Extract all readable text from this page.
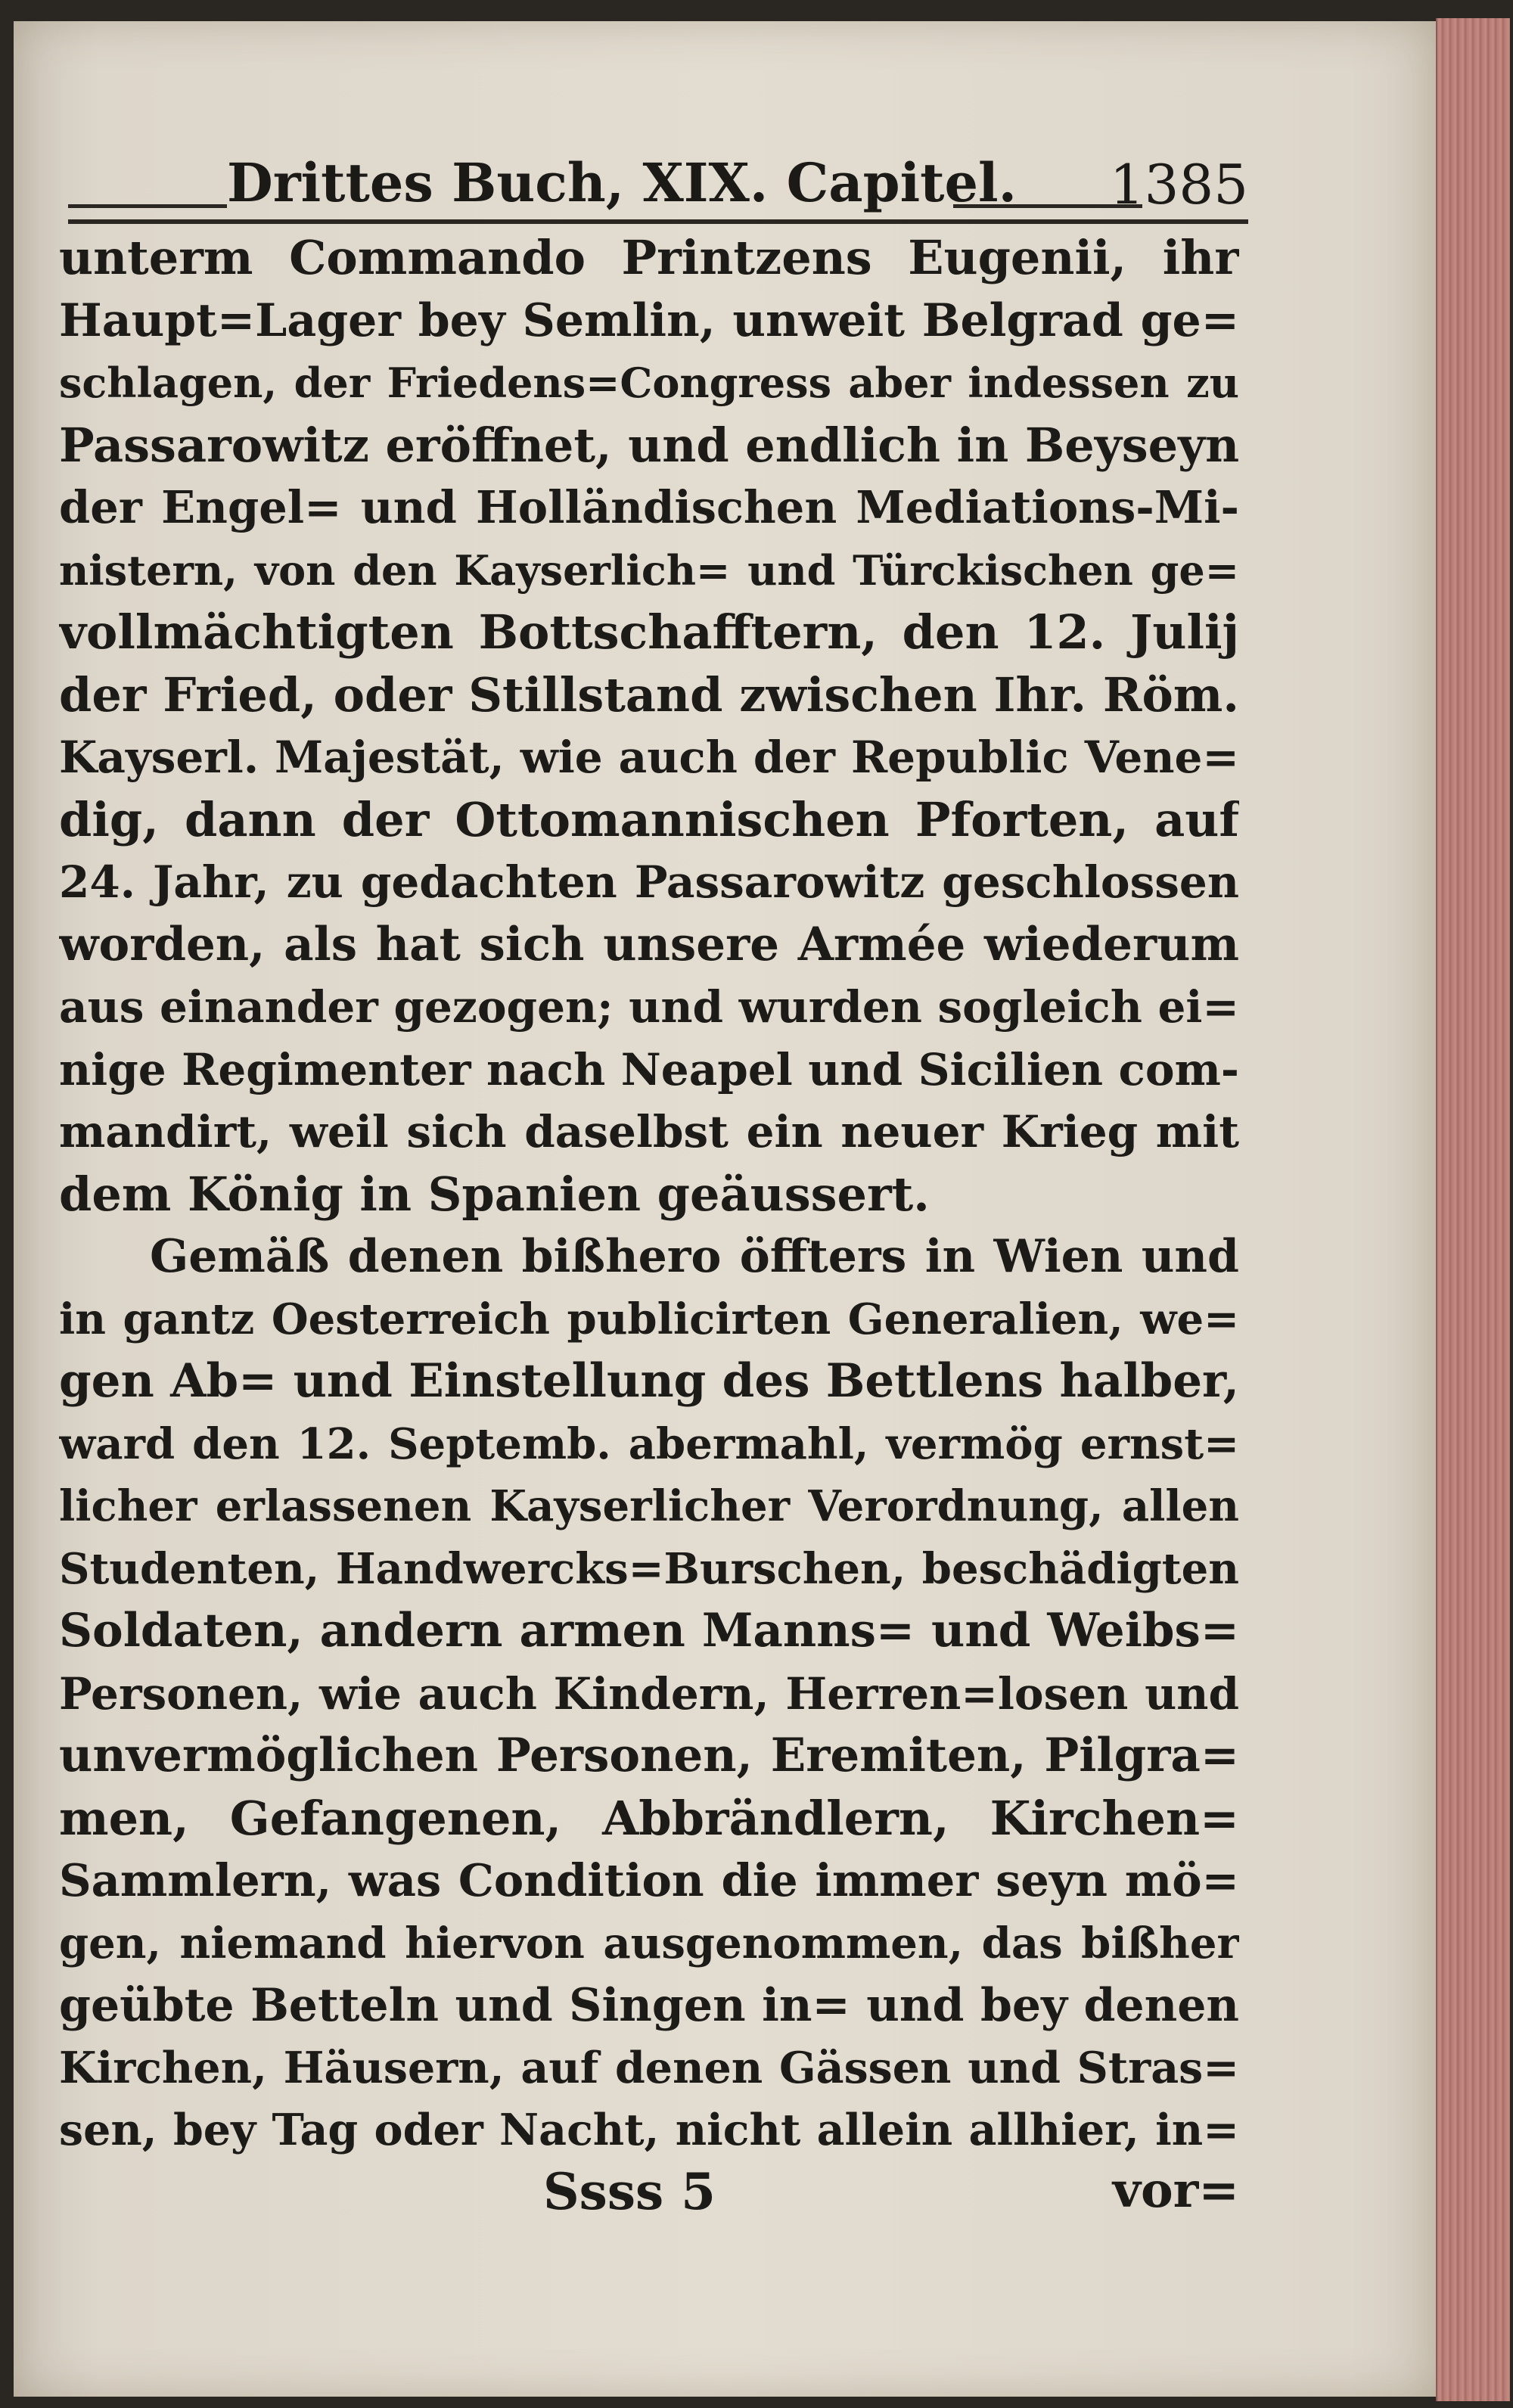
Drittes Buch, XIX. Capitel. 1385
unterm Commando Printzens Eugenii, ihr
Haupt=Lager bey Semlin, unweit Belgrad ge=
schlagen, der Friedens=Congress aber indessen zu
Passarowitz eröffnet, und endlich in Beyseyn
der Engel= und Holländischen Mediations-Mi-
nistern, von den Kayserlich= und Türckischen ge=
vollmächtigten Bottschafftern, den 12. Julij
der Fried, oder Stillstand zwischen Ihr. Röm.
Kayserl. Majestät, wie auch der Republic Vene=
dig, dann der Ottomannischen Pforten, auf
24. Jahr, zu gedachten Passarowitz geschlossen
worden, als hat sich unsere Armée wiederum
aus einander gezogen; und wurden sogleich ei=
nige Regimenter nach Neapel und Sicilien com-
mandirt, weil sich daselbst ein neuer Krieg mit
dem König in Spanien geäussert.
Gemäß denen bißhero öffters in Wien und
in gantz Oesterreich publicirten Generalien, we=
gen Ab= und Einstellung des Bettlens halber,
ward den 12. Septemb. abermahl, vermög ernst=
licher erlassenen Kayserlicher Verordnung, allen
Studenten, Handwercks=Burschen, beschädigten
Soldaten, andern armen Manns= und Weibs=
Personen, wie auch Kindern, Herren=losen und
unvermöglichen Personen, Eremiten, Pilgra=
men, Gefangenen, Abbrändlern, Kirchen=
Sammlern, was Condition die immer seyn mö=
gen, niemand hiervon ausgenommen, das bißher
geübte Betteln und Singen in= und bey denen
Kirchen, Häusern, auf denen Gässen und Stras=
sen, bey Tag oder Nacht, nicht allein allhier, in=
Ssss 5	vor=
